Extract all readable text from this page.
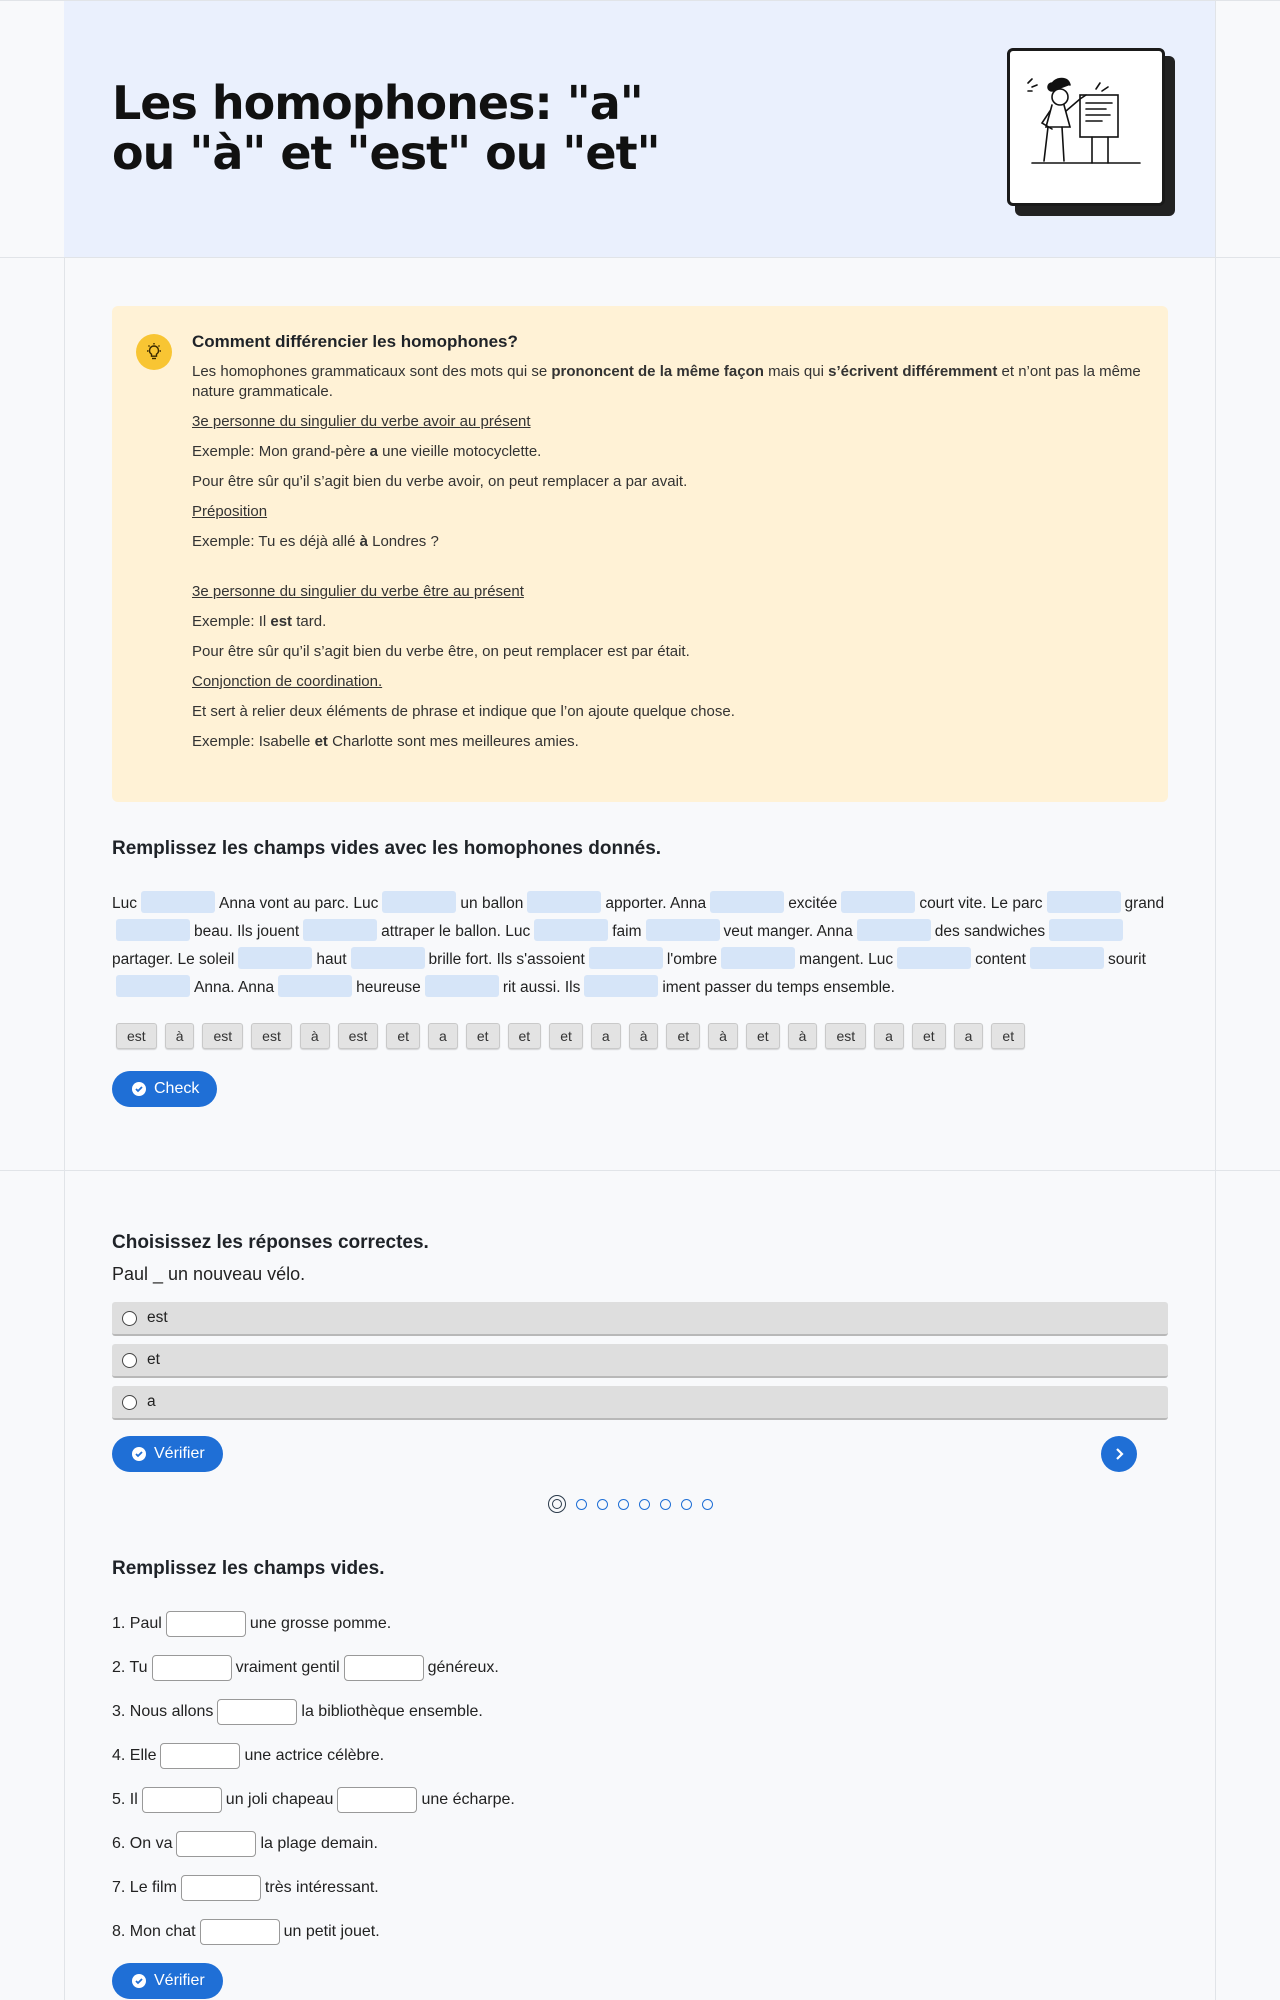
Les homophones: "a" ou "à" et "est" ou "et"
Comment différencier les homophones?

Les homophones grammaticaux sont des mots qui se prononcent de la même façon mais qui s’écrivent différemment et n’ont pas la même nature grammaticale.

3e personne du singulier du verbe avoir au présent

Exemple: Mon grand-père a une vieille motocyclette.

Pour être sûr qu’il s’agit bien du verbe avoir, on peut remplacer a par avait.

Préposition

Exemple: Tu es déjà allé à Londres ?

3e personne du singulier du verbe être au présent

Exemple: Il est tard.

Pour être sûr qu’il s’agit bien du verbe être, on peut remplacer est par était.

Conjonction de coordination.

Et sert à relier deux éléments de phrase et indique que l’on ajoute quelque chose.

Exemple: Isabelle et Charlotte sont mes meilleures amies.

Remplissez les champs vides avec les homophones donnés.
Luc	Anna vont au parc. Luc	un ballon	apporter. Anna	excitée	court vite. Le parc	grandbeau. Ils jouent	attraper le ballon. Luc	faim	veut manger. Anna	des sandwichespartager. Le soleil	haut	brille fort. Ils s'assoient	l'ombre	mangent. Luc	content	souritAnna. Anna	heureuse	rit aussi. Ils	iment passer du temps ensemble.
est	à	est	est	à	est	et	a	et	et	et	a	à	et	à	et	à	est	a	et	a	et
Check
Choisissez les réponses correctes.
Paul _ un nouveau vélo.
est
et
a
Vérifier
Remplissez les champs vides.
1. Paul	une grosse pomme.
2. Tu	vraiment gentil	généreux.
3. Nous allons	la bibliothèque ensemble.
4. Elle	une actrice célèbre.
5. Il	un joli chapeau	une écharpe.
6. On va	la plage demain.
7. Le film	très intéressant.
8. Mon chat	un petit jouet.
Vérifier
